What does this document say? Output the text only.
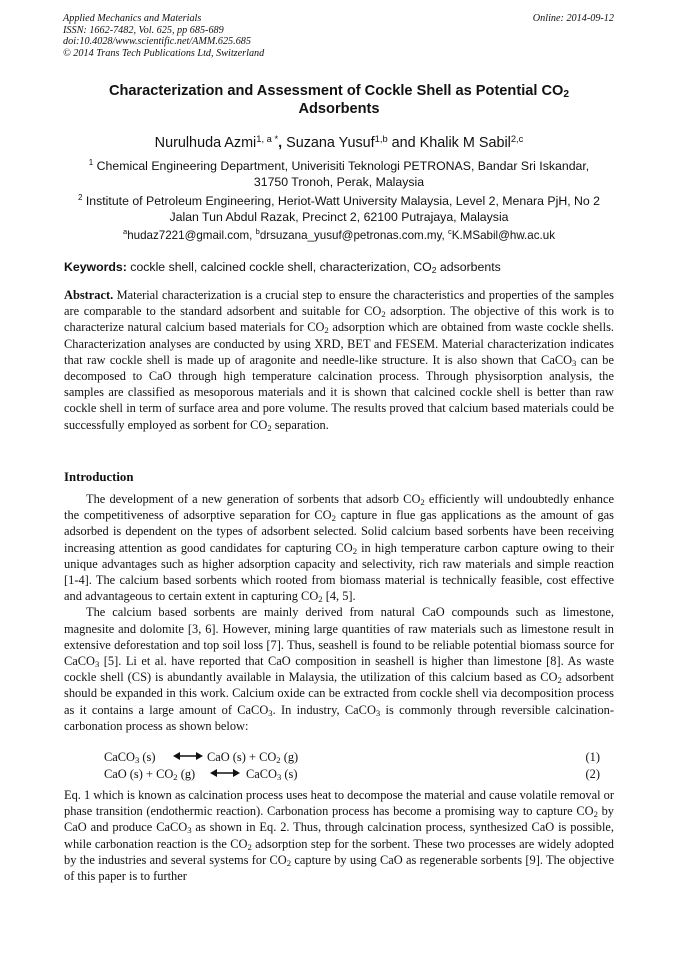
Applied Mechanics and Materials
ISSN: 1662-7482, Vol. 625, pp 685-689
doi:10.4028/www.scientific.net/AMM.625.685
© 2014 Trans Tech Publications Ltd, Switzerland
Online: 2014-09-12
Characterization and Assessment of Cockle Shell as Potential $CO_2$
Adsorbents
Nurulhuda Azmi$^{1, a *}$, Suzana Yusuf$^{1,b}$ and Khalik M Sabil$^{2,c}$
$^1$ Chemical Engineering Department, Univerisiti Teknologi PETRONAS, Bandar Sri Iskandar,
31750 Tronoh, Perak, Malaysia
$^2$ Institute of Petroleum Engineering, Heriot-Watt University Malaysia, Level 2, Menara PjH, No 2
Jalan Tun Abdul Razak, Precinct 2, 62100 Putrajaya, Malaysia
$^a$hudaz7221@gmail.com, $^b$drsuzana_yusuf@petronas.com.my, $^c$K.MSabil@hw.ac.uk
Keywords: cockle shell, calcined cockle shell, characterization, $CO_2$ adsorbents
Abstract. Material characterization is a crucial step to ensure the characteristics and properties of the samples are comparable to the standard adsorbent and suitable for $CO_2$ adsorption. The objective of this work is to characterize natural calcium based materials for $CO_2$ adsorption which are obtained from waste cockle shells. Characterization analyses are conducted by using XRD, BET and FESEM. Material characterization indicates that raw cockle shell is made up of aragonite and needle-like structure. It is also shown that CaCO$_3$ can be decomposed to CaO through high temperature calcination process. Through physisorption analysis, the samples are classified as mesoporous materials and it is shown that calcined cockle shell is better than raw cockle shell in term of surface area and pore volume. The results proved that calcium based materials could be successfully employed as sorbent for $CO_2$ separation.
Introduction

The development of a new generation of sorbents that adsorb $CO_2$ efficiently will undoubtedly enhance the competitiveness of adsorptive separation for $CO_2$ capture in flue gas applications as the amount of gas adsorbed is dependent on the types of adsorbent selected. Solid calcium based sorbents have been receiving increasing attention as good candidates for capturing $CO_2$ in high temperature carbon capture owing to their unique advantages such as higher adsorption capacity and selectivity, rich raw materials and simple reaction [1-4]. The calcium based sorbents which rooted from biomass material is technically feasible, cost effective and advantageous to certain extent in capturing $CO_2$ [4, 5].

The calcium based sorbents are mainly derived from natural CaO compounds such as limestone, magnesite and dolomite [3, 6]. However, mining large quantities of raw materials such as limestone result in extensive deforestation and top soil loss [7]. Thus, seashell is found to be reliable potential biomass source for CaCO$_3$ [5]. Li et al. have reported that CaO composition in seashell is higher than limestone [8]. As waste cockle shell (CS) is abundantly available in Malaysia, the utilization of this calcium based as $CO_2$ adsorbent should be expanded in this work. Calcium oxide can be extracted from cockle shell via decomposition process as it contains a large amount of CaCO$_3$. In industry, CaCO$_3$ is commonly through reversible calcination-carbonation process as shown below:

CaCO$_3$ (s)	CaO $(s) + CO_2$ (g)	(1)
CaO $(s) + CO_2$ (g)	CaCO$_3$ (s)	(2)

Eq. 1 which is known as calcination process uses heat to decompose the material and cause volatile removal or phase transition (endothermic reaction). Carbonation process has become a promising way to capture $CO_2$ by CaO and produce CaCO$_3$ as shown in Eq. 2. Thus, through calcination process, synthesized CaO is possible, while carbonation reaction is the $CO_2$ adsorption step for the sorbent. These two processes are widely adopted by the industries and several systems for $CO_2$ capture by using CaO as regenerable sorbents [9]. The objective of this paper is to further
